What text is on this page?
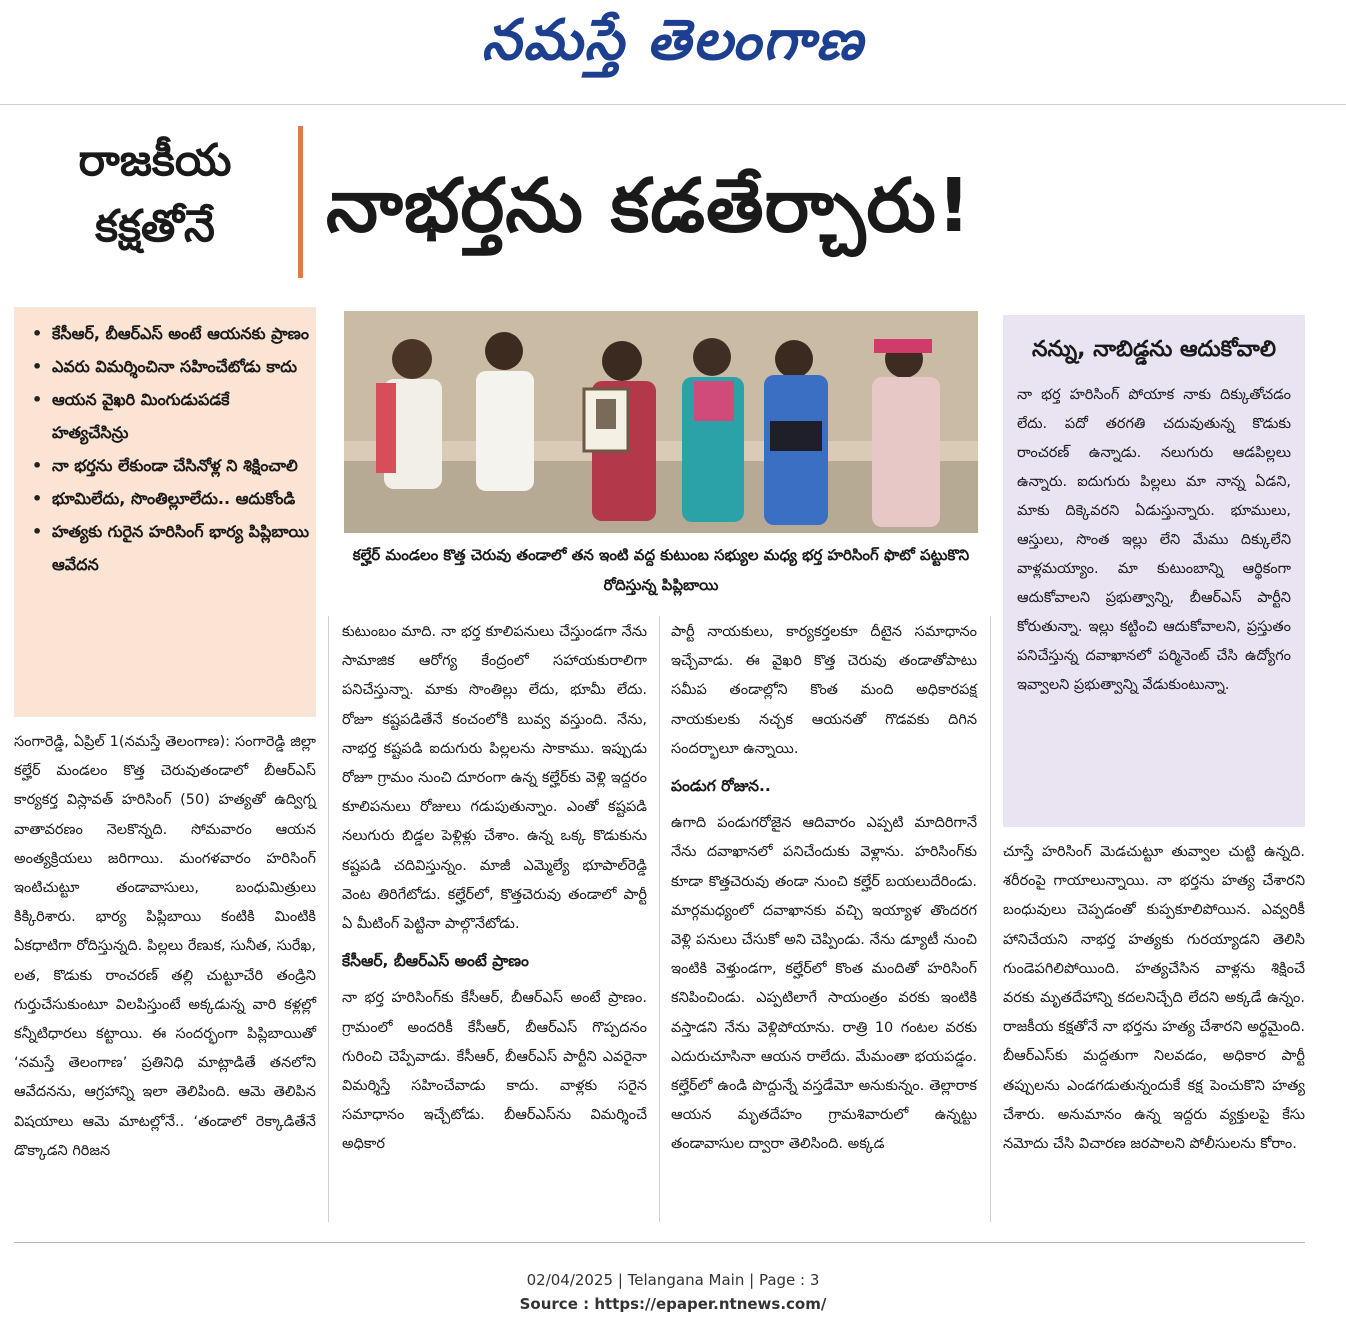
నమస్తే తెలంగాణ
రాజకీయ
కక్షతోనే	నాభర్తను కడతేర్చారు!
• కేసీఆర్‌, బీఆర్‌ఎస్‌ అంటే ఆయనకు ప్రాణం
• ఎవరు విమర్శించినా సహించేటోడు కాదు
• ఆయన వైఖరి మింగుడుపడకే హత్యచేసిన్రు
• నా భర్తను లేకుండా చేసినోళ్ల ని శిక్షించాలి
• భూమిలేదు, సొంతిల్లూలేదు.. ఆదుకోండి
• హత్యకు గురైన హరిసింగ్‌ భార్య పిప్లిబాయి ఆవేదన	కల్హేర్‌ మండలం కొత్త చెరువు తండాలో తన ఇంటి వద్ద కుటుంబ సభ్యుల మధ్య భర్త హరిసింగ్‌ ఫొటో పట్టుకొని రోదిస్తున్న పిప్లిబాయి
నన్ను, నాబిడ్డను ఆదుకోవాలి

నా భర్త హరిసింగ్‌ పోయాక నాకు దిక్కుతోచడం లేదు. పదో తరగతి చదువుతున్న కొడుకు రాంచరణ్‌ ఉన్నాడు. నలుగురు ఆడపిల్లలు ఉన్నారు. ఐదుగురు పిల్లలు మా నాన్న ఏడని, మాకు దిక్కెవరని ఏడుస్తున్నారు. భూములు, ఆస్తులు, సొంత ఇల్లు లేని మేము దిక్కులేని వాళ్లమయ్యాం. మా కుటుంబాన్ని ఆర్థికంగా ఆదుకోవాలని ప్రభుత్వాన్ని, బీఆర్‌ఎస్‌ పార్టీని కోరుతున్నా. ఇల్లు కట్టించి ఆదుకోవాలని, ప్రస్తుతం పనిచేస్తున్న దవాఖానలో పర్మినెంట్‌ చేసి ఉద్యోగం ఇవ్వాలని ప్రభుత్వాన్ని వేడుకుంటున్నా.

సంగారెడ్డి, ఏప్రిల్‌ 1(నమస్తే తెలంగాణ): సంగారెడ్డి జిల్లా కల్హేర్‌ మండలం కొత్త చెరువుతండాలో బీఆర్‌ఎస్‌ కార్యకర్త విస్లావత్‌ హరిసింగ్‌ (50) హత్యతో ఉద్విగ్న వాతావరణం నెలకొన్నది. సోమవారం ఆయన అంత్యక్రియలు జరిగాయి. మంగళవారం హరిసింగ్‌ ఇంటిచుట్టూ తండావాసులు, బంధుమిత్రులు కిక్కిరిశారు. భార్య పిప్లిబాయి కంటికి మింటికి ఏకధాటిగా రోదిస్తున్నది. పిల్లలు రేణుక, సునీత, సురేఖ, లత, కొడుకు రాంచరణ్‌ తల్లి చుట్టూచేరి తండ్రిని గుర్తుచేసుకుంటూ విలపిస్తుంటే అక్కడున్న వారి కళ్లల్లో కన్నీటిధారలు కట్టాయి. ఈ సందర్భంగా పిప్లిబాయితో ‘నమస్తే తెలంగాణ’ ప్రతినిధి మాట్లాడితే తనలోని ఆవేదనను, ఆగ్రహాన్ని ఇలా తెలిపింది. ఆమె తెలిపిన విషయాలు ఆమె మాటల్లోనే.. ‘తండాలో రెక్కాడితేనే డొక్కాడని గిరిజన

కుటుంబం మాది. నా భర్త కూలిపనులు చేస్తుండగా నేను సామాజిక ఆరోగ్య కేంద్రంలో సహాయకురాలిగా పనిచేస్తున్నా. మాకు సొంతిల్లు లేదు, భూమీ లేదు. రోజూ కష్టపడితేనే కంచంలోకి బువ్వ వస్తుంది. నేను, నాభర్త కష్టపడి ఐదుగురు పిల్లలను సాకాము. ఇప్పుడు రోజూ గ్రామం నుంచి దూరంగా ఉన్న కల్హేర్‌కు వెళ్లి ఇద్దరం కూలిపనులు రోజులు గడుపుతున్నాం. ఎంతో కష్టపడి నలుగురు బిడ్డల పెళ్లిళ్లు చేశాం. ఉన్న ఒక్క కొడుకును కష్టపడి చదివిస్తున్నం. మాజీ ఎమ్మెల్యే భూపాల్‌రెడ్డి వెంట తిరిగేటోడు. కల్హేర్‌లో, కొత్తచెరువు తండాలో పార్టీ ఏ మీటింగ్‌ పెట్టినా పాల్గొనేటోడు.

కేసీఆర్‌, బీఆర్‌ఎస్‌ అంటే ప్రాణం

నా భర్త హరిసింగ్‌కు కేసీఆర్‌, బీఆర్‌ఎస్‌ అంటే ప్రాణం. గ్రామంలో అందరికీ కేసీఆర్‌, బీఆర్‌ఎస్‌ గొప్పదనం గురించి చెప్పేవాడు. కేసీఆర్‌, బీఆర్‌ఎస్‌ పార్టీని ఎవరైనా విమర్శిస్తే సహించేవాడు కాదు. వాళ్లకు సరైన సమాధానం ఇచ్చేటోడు. బీఆర్‌ఎస్‌ను విమర్శించే అధికార

పార్టీ నాయకులు, కార్యకర్తలకూ దీటైన సమాధానం ఇచ్చేవాడు. ఈ వైఖరి కొత్త చెరువు తండాతోపాటు సమీప తండాల్లోని కొంత మంది అధికారపక్ష నాయకులకు నచ్చక ఆయనతో గొడవకు దిగిన సందర్భాలూ ఉన్నాయి.

పండుగ రోజున..

ఉగాది పండుగరోజైన ఆదివారం ఎప్పటి మాదిరిగానే నేను దవాఖానలో పనిచేందుకు వెళ్లాను. హరిసింగ్‌కు కూడా కొత్తచెరువు తండా నుంచి కల్హేర్‌ బయలుదేరిండు. మార్గమధ్యంలో దవాఖానకు వచ్చి ఇయ్యాళ తొందరగ వెళ్లి పనులు చేసుకో అని చెప్పిండు. నేను డ్యూటీ నుంచి ఇంటికి వెళ్తుండగా, కల్హేర్‌లో కొంత మందితో హరిసింగ్‌ కనిపించిండు. ఎప్పటిలాగే సాయంత్రం వరకు ఇంటికి వస్తాడని నేను వెళ్లిపోయాను. రాత్రి 10 గంటల వరకు ఎదురుచూసినా ఆయన రాలేదు. మేమంతా భయపడ్డం. కల్హేర్‌లో ఉండి పొద్దున్నే వస్తడేమో అనుకున్నం. తెల్లారాక ఆయన మృతదేహం గ్రామశివారులో ఉన్నట్టు తండావాసుల ద్వారా తెలిసింది. అక్కడ

చూస్తే హరిసింగ్‌ మెడచుట్టూ తువ్వాల చుట్టి ఉన్నది. శరీరంపై గాయాలున్నాయి. నా భర్తను హత్య చేశారని బంధువులు చెప్పడంతో కుప్పకూలిపోయిన. ఎవ్వరికీ హానిచేయని నాభర్త హత్యకు గురయ్యాడని తెలిసి గుండెపగిలిపోయింది. హత్యచేసిన వాళ్లను శిక్షించే వరకు మృతదేహాన్ని కదలనిచ్చేది లేదని అక్కడే ఉన్నం. రాజకీయ కక్షతోనే నా భర్తను హత్య చేశారని అర్థమైంది. బీఆర్‌ఎస్‌కు మద్దతుగా నిలవడం, అధికార పార్టీ తప్పులను ఎండగడుతున్నందుకే కక్ష పెంచుకొని హత్య చేశారు. అనుమానం ఉన్న ఇద్దరు వ్యక్తులపై కేసు నమోదు చేసి విచారణ జరపాలని పోలీసులను కోరాం.

02/04/2025 | Telangana Main | Page : 3
Source : https://epaper.ntnews.com/
